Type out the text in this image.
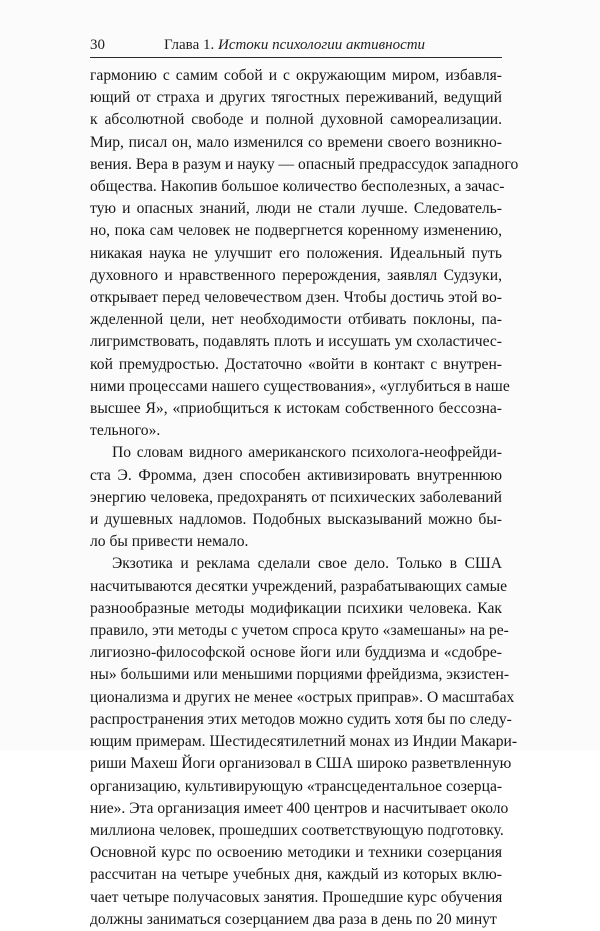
30	Глава 1. Истоки психологии активности

гармонию с самим собой и с окружающим миром, избавля-
ющий от страха и других тягостных переживаний, ведущий
к абсолютной свободе и полной духовной самореализации.
Мир, писал он, мало изменился со времени своего возникно-
вения. Вера в разум и науку — опасный предрассудок западного
общества. Накопив большое количество бесполезных, а зачас-
тую и опасных знаний, люди не стали лучше. Следователь-
но, пока сам человек не подвергнется коренному изменению,
никакая наука не улучшит его положения. Идеальный путь
духовного и нравственного перерождения, заявлял Судзуки,
открывает перед человечеством дзен. Чтобы достичь этой во-
жделенной цели, нет необходимости отбивать поклоны, па-
лигримствовать, подавлять плоть и иссушать ум схоластичес-
кой премудростью. Достаточно «войти в контакт с внутрен-
ними процессами нашего существования», «углубиться в наше
высшее Я», «приобщиться к истокам собственного бессозна-
тельного».

По словам видного американского психолога-неофрейди-
ста Э. Фромма, дзен способен активизировать внутреннюю
энергию человека, предохранять от психических заболеваний
и душевных надломов. Подобных высказываний можно бы-
ло бы привести немало.

Экзотика и реклама сделали свое дело. Только в США
насчитываются десятки учреждений, разрабатывающих самые
разнообразные методы модификации психики человека. Как
правило, эти методы с учетом спроса круто «замешаны» на ре-
лигиозно-философской основе йоги или буддизма и «сдобре-
ны» большими или меньшими порциями фрейдизма, экзистен-
ционализма и других не менее «острых приправ». О масштабах
распространения этих методов можно судить хотя бы по следу-
ющим примерам. Шестидесятилетний монах из Индии Макари-
риши Махеш Йоги организовал в США широко разветвленную
организацию, культивирующую «трансцедентальное созерца-
ние». Эта организация имеет 400 центров и насчитывает около
миллиона человек, прошедших соответствующую подготовку.
Основной курс по освоению методики и техники созерцания
рассчитан на четыре учебных дня, каждый из которых вклю-
чает четыре получасовых занятия. Прошедшие курс обучения
должны заниматься созерцанием два раза в день по 20 минут
